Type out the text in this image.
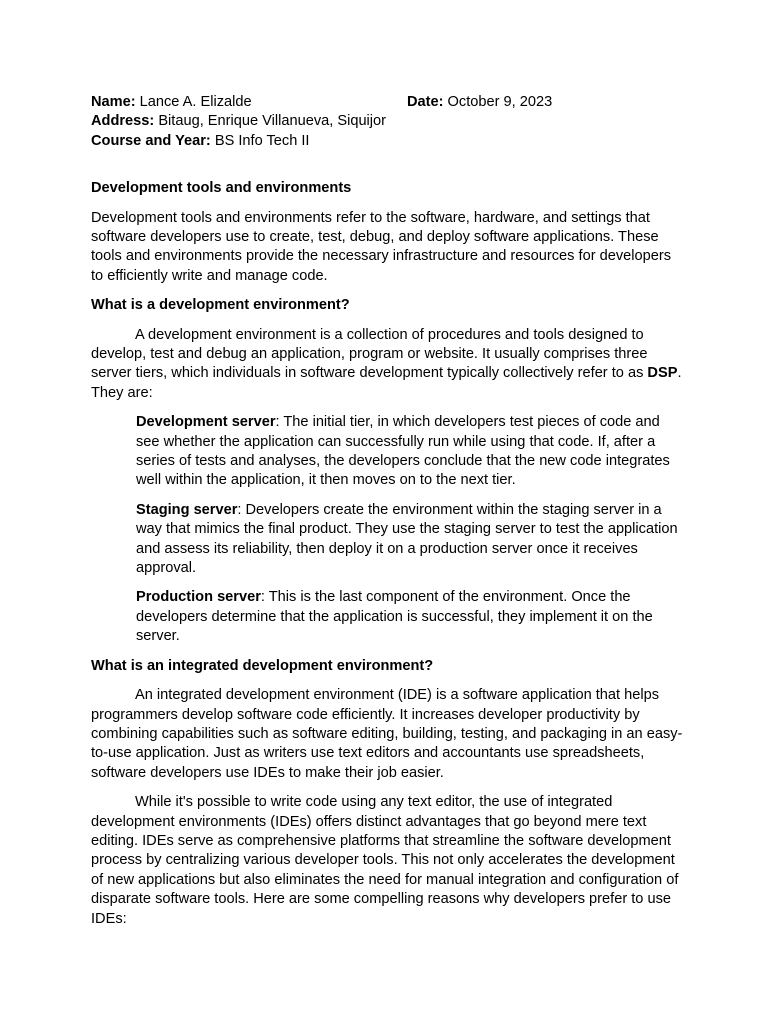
Name: Lance A. Elizalde	Date: October 9, 2023
Address: Bitaug, Enrique Villanueva, Siquijor
Course and Year: BS Info Tech II

Development tools and environments

Development tools and environments refer to the software, hardware, and settings that software developers use to create, test, debug, and deploy software applications. These tools and environments provide the necessary infrastructure and resources for developers to efficiently write and manage code.

What is a development environment?

A development environment is a collection of procedures and tools designed to develop, test and debug an application, program or website. It usually comprises three server tiers, which individuals in software development typically collectively refer to as DSP. They are:

Development server: The initial tier, in which developers test pieces of code and see whether the application can successfully run while using that code. If, after a series of tests and analyses, the developers conclude that the new code integrates well within the application, it then moves on to the next tier.

Staging server: Developers create the environment within the staging server in a way that mimics the final product. They use the staging server to test the application and assess its reliability, then deploy it on a production server once it receives approval.

Production server: This is the last component of the environment. Once the developers determine that the application is successful, they implement it on the server.

What is an integrated development environment?

An integrated development environment (IDE) is a software application that helps programmers develop software code efficiently. It increases developer productivity by combining capabilities such as software editing, building, testing, and packaging in an easy-to-use application. Just as writers use text editors and accountants use spreadsheets, software developers use IDEs to make their job easier.

While it's possible to write code using any text editor, the use of integrated development environments (IDEs) offers distinct advantages that go beyond mere text editing. IDEs serve as comprehensive platforms that streamline the software development process by centralizing various developer tools. This not only accelerates the development of new applications but also eliminates the need for manual integration and configuration of disparate software tools. Here are some compelling reasons why developers prefer to use IDEs:
